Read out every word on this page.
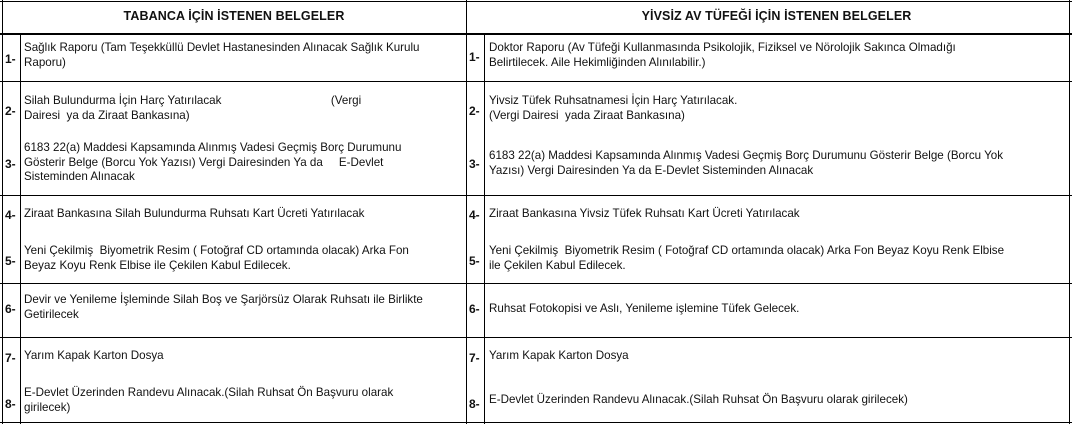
TABANCA İÇİN İSTENEN BELGELER	YİVSİZ AV TÜFEĞİ İÇİN İSTENEN BELGELER
1-
Sağlık Raporu (Tam Teşekküllü Devlet Hastanesinden Alınacak Sağlık Kurulu
Raporu)
2-
Silah Bulundurma İçin Harç Yatırılacak                                  (Vergi
Dairesi  ya da Ziraat Bankasına)
3-
6183 22(a) Maddesi Kapsamında Alınmış Vadesi Geçmiş Borç Durumunu
Gösterir Belge (Borcu Yok Yazısı) Vergi Dairesinden Ya da     E-Devlet
Sisteminden Alınacak
4- Ziraat Bankasına Silah Bulundurma Ruhsatı Kart Ücreti Yatırılacak
5-
Yeni Çekilmiş  Biyometrik Resim ( Fotoğraf CD ortamında olacak) Arka Fon
Beyaz Koyu Renk Elbise ile Çekilen Kabul Edilecek.
6-
Devir ve Yenileme İşleminde Silah Boş ve Şarjörsüz Olarak Ruhsatı ile Birlikte
Getirilecek
7- Yarım Kapak Karton Dosya
8-
E-Devlet Üzerinden Randevu Alınacak.(Silah Ruhsat Ön Başvuru olarak
girilecek)
1-
Doktor Raporu (Av Tüfeği Kullanmasında Psikolojik, Fiziksel ve Nörolojik Sakınca Olmadığı
Belirtilecek. Aile Hekimliğinden Alınılabilir.)
2-
Yivsiz Tüfek Ruhsatnamesi İçin Harç Yatırılacak.
(Vergi Dairesi  yada Ziraat Bankasına)
3-
6183 22(a) Maddesi Kapsamında Alınmış Vadesi Geçmiş Borç Durumunu Gösterir Belge (Borcu Yok
Yazısı) Vergi Dairesinden Ya da E-Devlet Sisteminden Alınacak
4- Ziraat Bankasına Yivsiz Tüfek Ruhsatı Kart Ücreti Yatırılacak
5-
Yeni Çekilmiş  Biyometrik Resim ( Fotoğraf CD ortamında olacak) Arka Fon Beyaz Koyu Renk Elbise
ile Çekilen Kabul Edilecek.
6- Ruhsat Fotokopisi ve Aslı, Yenileme işlemine Tüfek Gelecek.
7- Yarım Kapak Karton Dosya
8- E-Devlet Üzerinden Randevu Alınacak.(Silah Ruhsat Ön Başvuru olarak girilecek)
